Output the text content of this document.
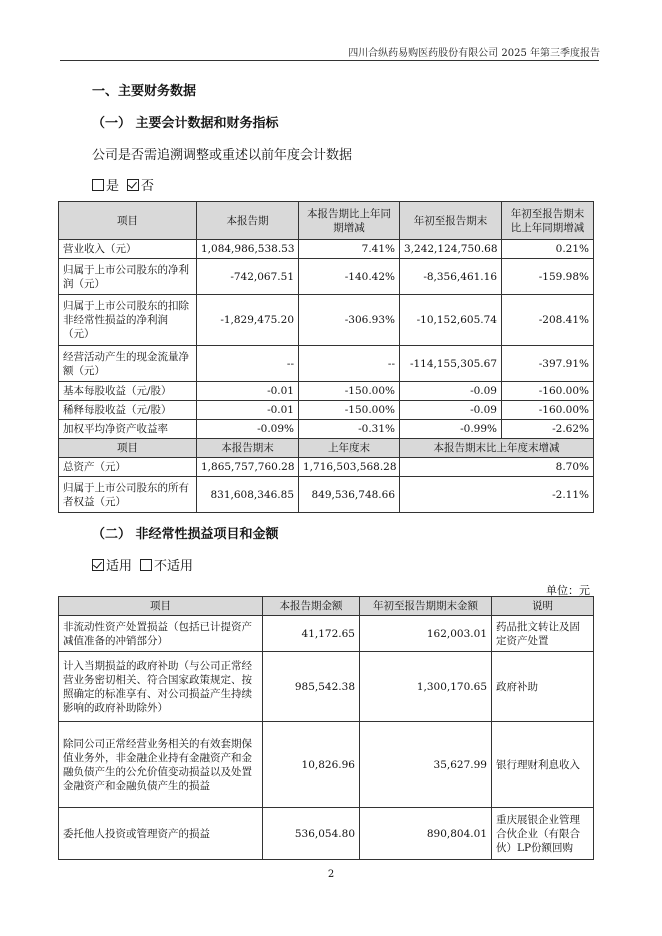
四川合纵药易购医药股份有限公司 2025 年第三季度报告
一、主要财务数据
（一） 主要会计数据和财务指标
公司是否需追溯调整或重述以前年度会计数据
是 否
项目	本报告期	本报告期比上年同期增减	年初至报告期末	年初至报告期末比上年同期增减
营业收入（元）	1,084,986,538.53	7.41%	3,242,124,750.68	0.21%
归属于上市公司股东的净利润（元）	-742,067.51	-140.42%	-8,356,461.16	-159.98%
归属于上市公司股东的扣除非经常性损益的净利润（元）	-1,829,475.20	-306.93%	-10,152,605.74	-208.41%
经营活动产生的现金流量净额（元）	--	--	-114,155,305.67	-397.91%
基本每股收益（元/股）	-0.01	-150.00%	-0.09	-160.00%
稀释每股收益（元/股）	-0.01	-150.00%	-0.09	-160.00%
加权平均净资产收益率	-0.09%	-0.31%	-0.99%	-2.62%
项目	本报告期末	上年度末	本报告期末比上年度末增减	
总资产（元）	1,865,757,760.28	1,716,503,568.28	8.70%	
归属于上市公司股东的所有者权益（元）	831,608,346.85	849,536,748.66	-2.11%	
（二） 非经常性损益项目和金额
适用 不适用
单位：元
项目	本报告期金额	年初至报告期期末金额	说明
非流动性资产处置损益（包括已计提资产减值准备的冲销部分）	41,172.65	162,003.01	药品批文转让及固定资产处置
计入当期损益的政府补助（与公司正常经营业务密切相关、符合国家政策规定、按照确定的标准享有、对公司损益产生持续影响的政府补助除外）	985,542.38	1,300,170.65	政府补助
除同公司正常经营业务相关的有效套期保值业务外，非金融企业持有金融资产和金融负债产生的公允价值变动损益以及处置金融资产和金融负债产生的损益	10,826.96	35,627.99	银行理财利息收入
委托他人投资或管理资产的损益	536,054.80	890,804.01	重庆展银企业管理合伙企业（有限合伙）LP份额回购
2
